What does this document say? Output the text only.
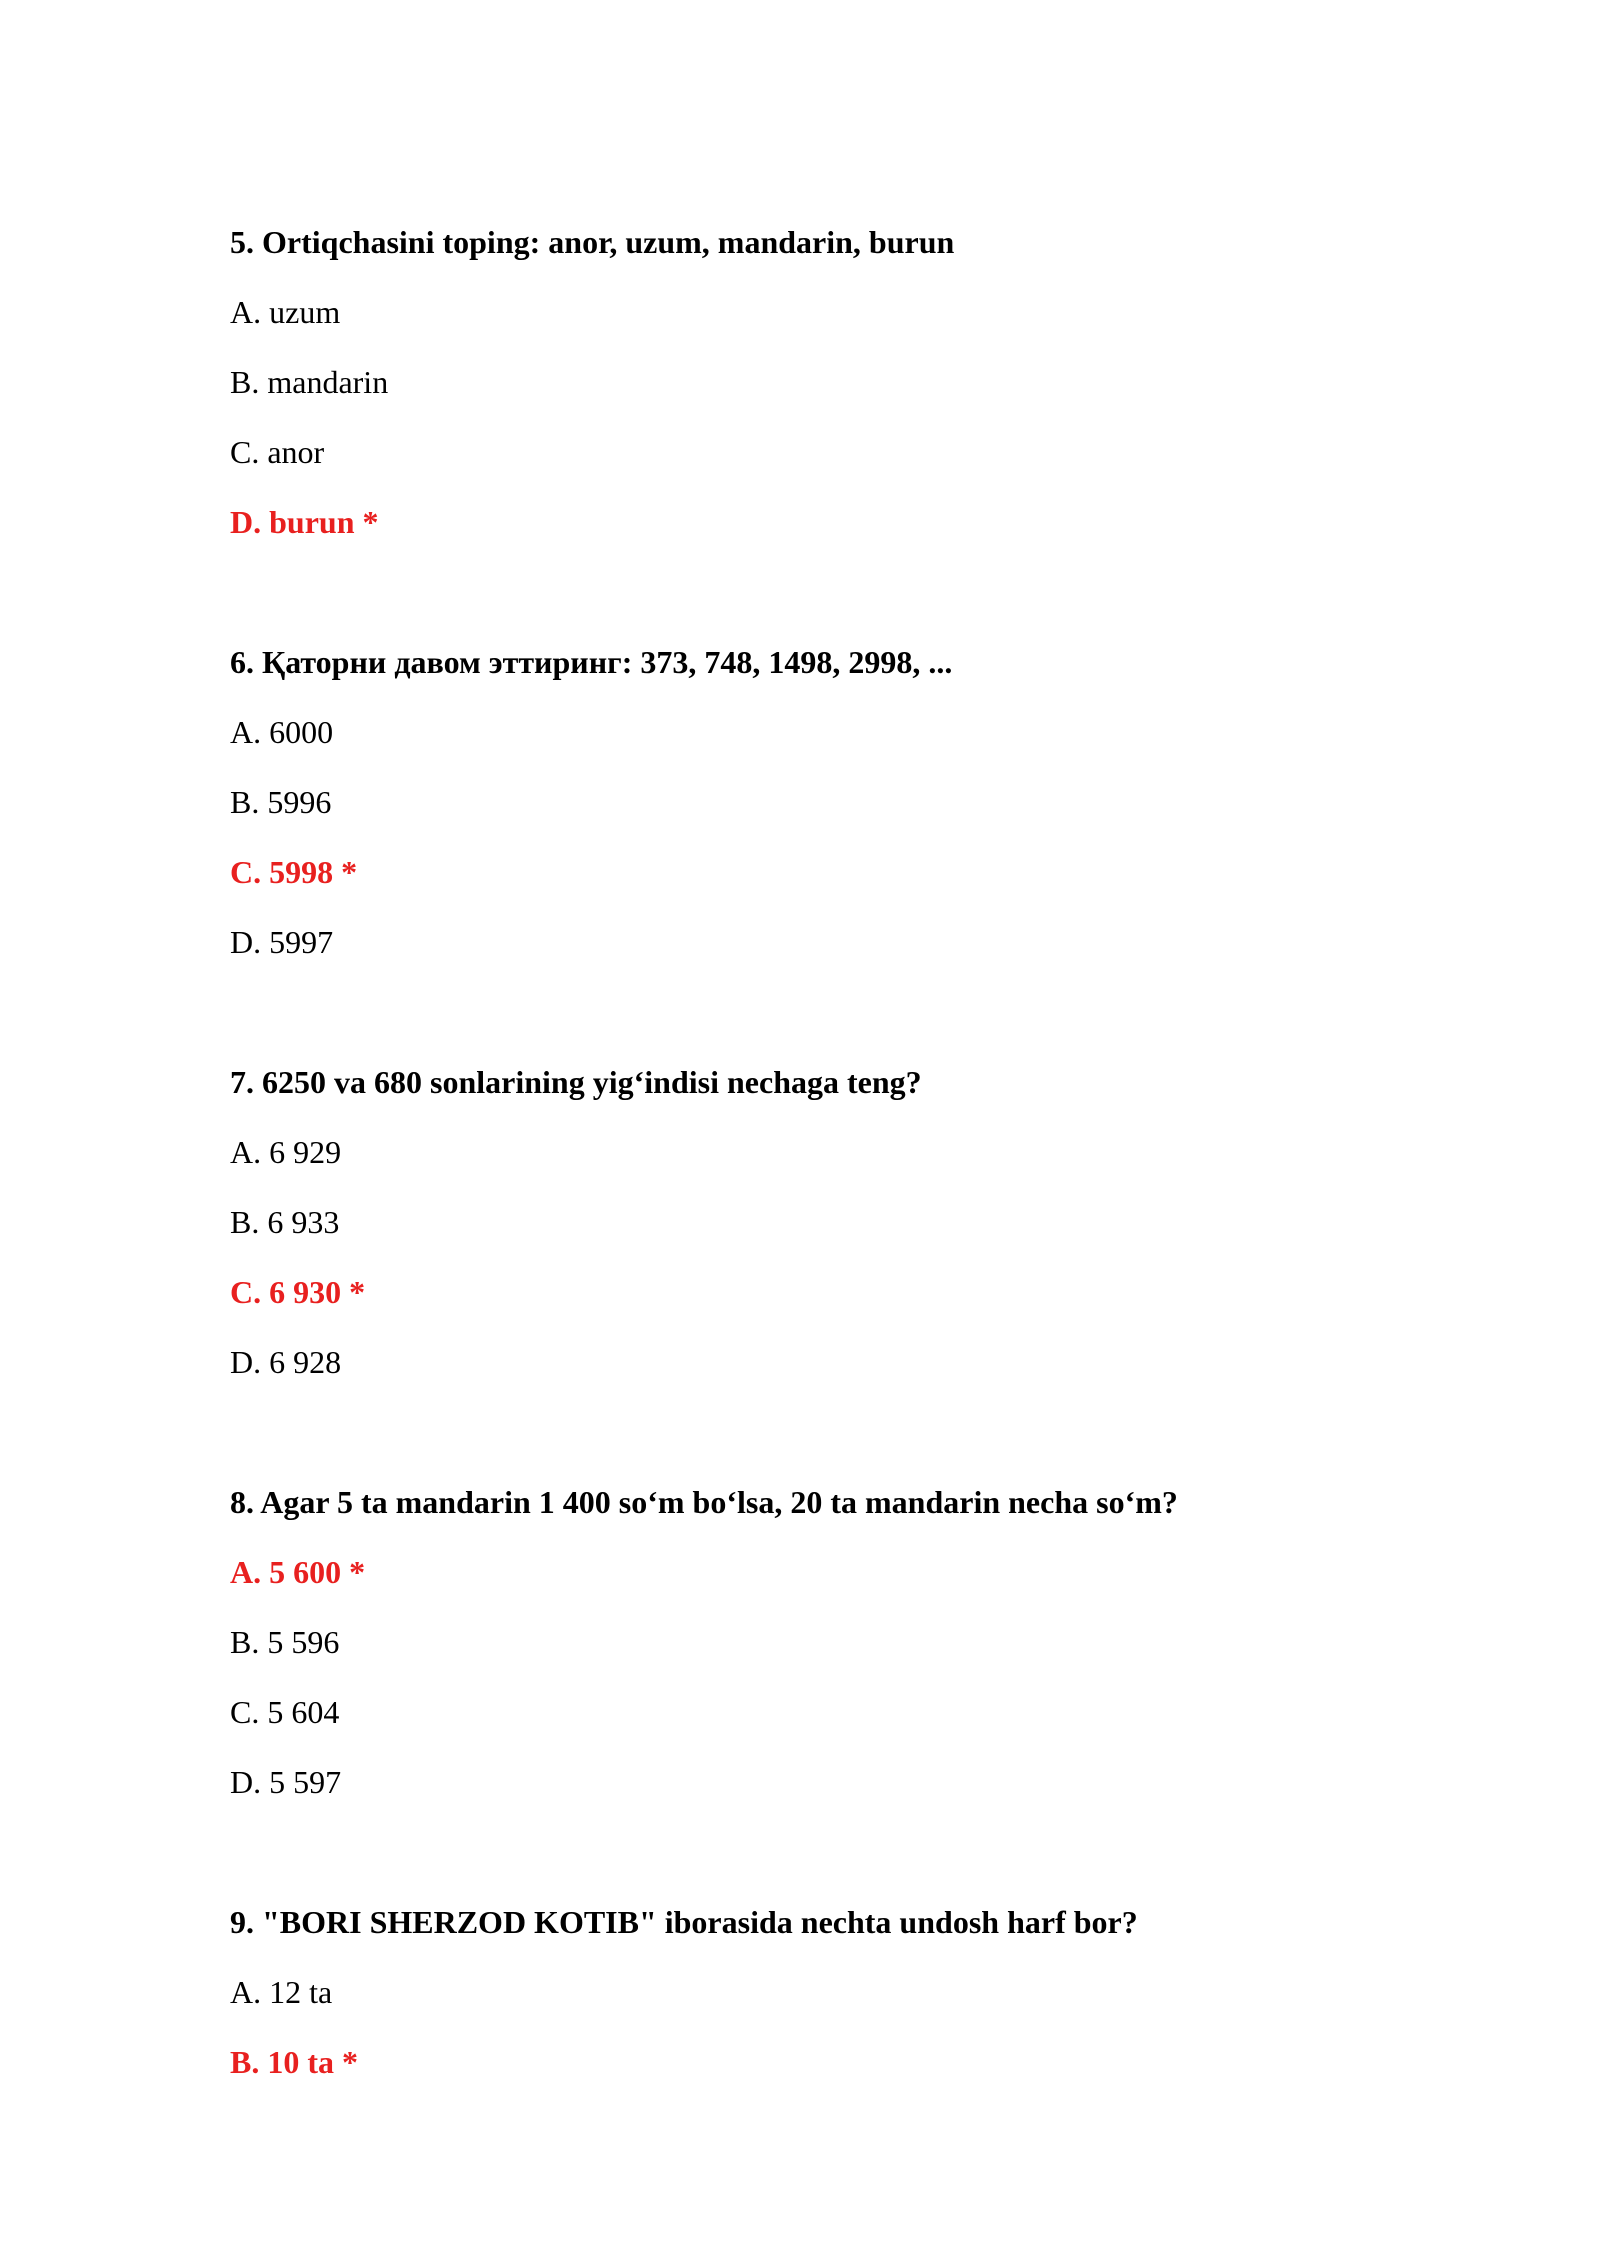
5. Ortiqchasini toping: anor, uzum, mandarin, burun
A. uzum
B. mandarin
C. anor
D. burun *
6. Қаторни давом эттиринг: 373, 748, 1498, 2998, ...
A. 6000
B. 5996
C. 5998 *
D. 5997
7. 6250 va 680 sonlarining yig‘indisi nechaga teng?
A. 6 929
B. 6 933
C. 6 930 *
D. 6 928
8. Agar 5 ta mandarin 1 400 so‘m bo‘lsa, 20 ta mandarin necha so‘m?
A. 5 600 *
B. 5 596
C. 5 604
D. 5 597
9. "BORI SHERZOD KOTIB" iborasida nechta undosh harf bor?
A. 12 ta
B. 10 ta *
